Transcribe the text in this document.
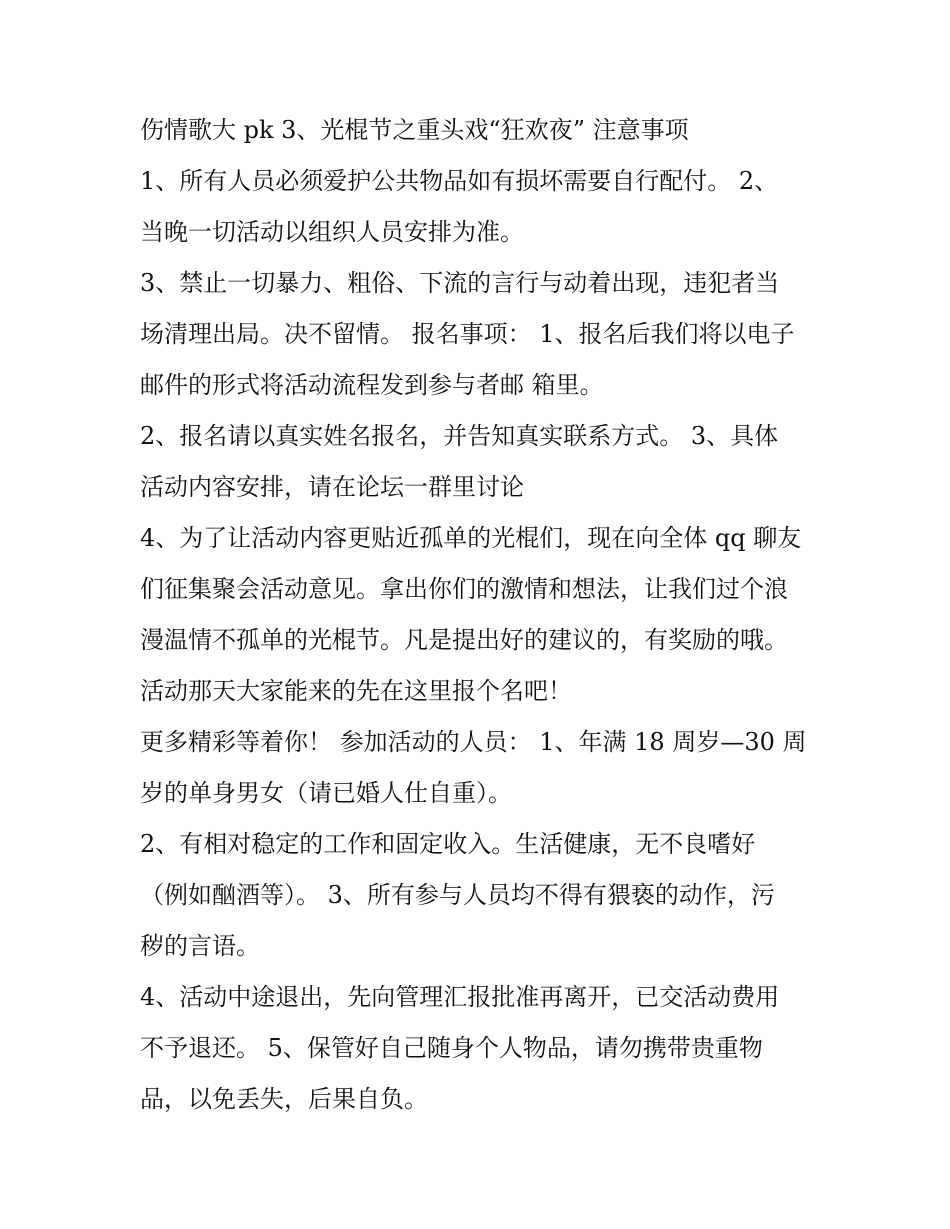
伤情歌大 pk 3、光棍节之重头戏“狂欢夜” 注意事项

1、所有人员必须爱护公共物品如有损坏需要自行配付。 2、

当晚一切活动以组织人员安排为准。

3、禁止一切暴力、粗俗、下流的言行与动着出现，违犯者当

场清理出局。决不留情。 报名事项： 1、报名后我们将以电子

邮件的形式将活动流程发到参与者邮 箱里。

2、报名请以真实姓名报名，并告知真实联系方式。 3、具体

活动内容安排，请在论坛一群里讨论

4、为了让活动内容更贴近孤单的光棍们，现在向全体 qq 聊友

们征集聚会活动意见。拿出你们的激情和想法，让我们过个浪

漫温情不孤单的光棍节。凡是提出好的建议的，有奖励的哦。

活动那天大家能来的先在这里报个名吧！

更多精彩等着你！ 参加活动的人员： 1、年满 18 周岁—30 周

岁的单身男女（请已婚人仕自重）。

2、有相对稳定的工作和固定收入。生活健康，无不良嗜好

（例如酗酒等）。 3、所有参与人员均不得有猥亵的动作，污

秽的言语。

4、活动中途退出，先向管理汇报批准再离开，已交活动费用

不予退还。 5、保管好自己随身个人物品，请勿携带贵重物

品，以免丢失，后果自负。
